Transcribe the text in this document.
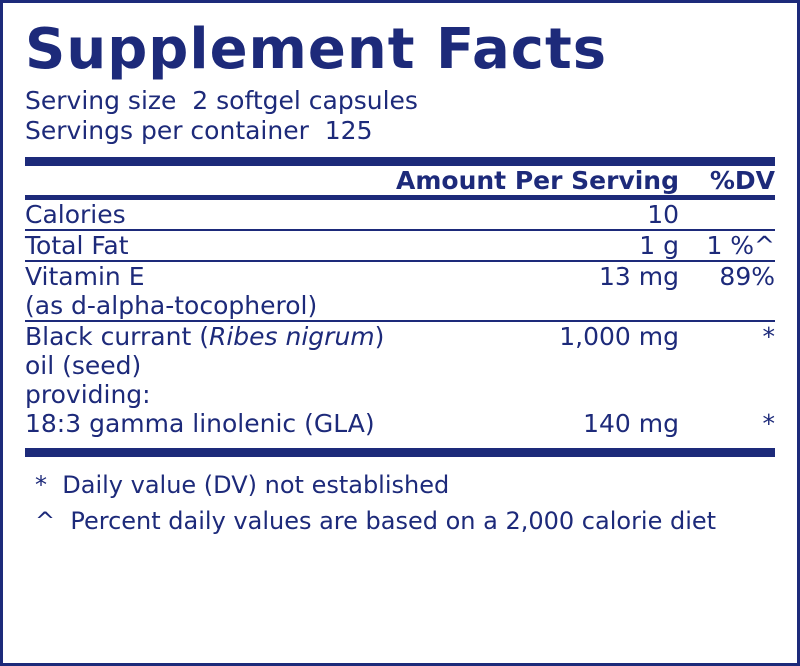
Supplement Facts
Serving size  2 softgel capsules
Servings per container  125
	Amount Per Serving	%DV
Calories	10	
Total Fat	1 g	1 %^
Vitamin E	13 mg	89%
(as d-alpha-tocopherol)		
Black currant (Ribes nigrum)	1,000 mg	*
oil (seed)		
providing:		
18:3 gamma linolenic (GLA)	140 mg	*
*  Daily value (DV) not established
^  Percent daily values are based on a 2,000 calorie diet
